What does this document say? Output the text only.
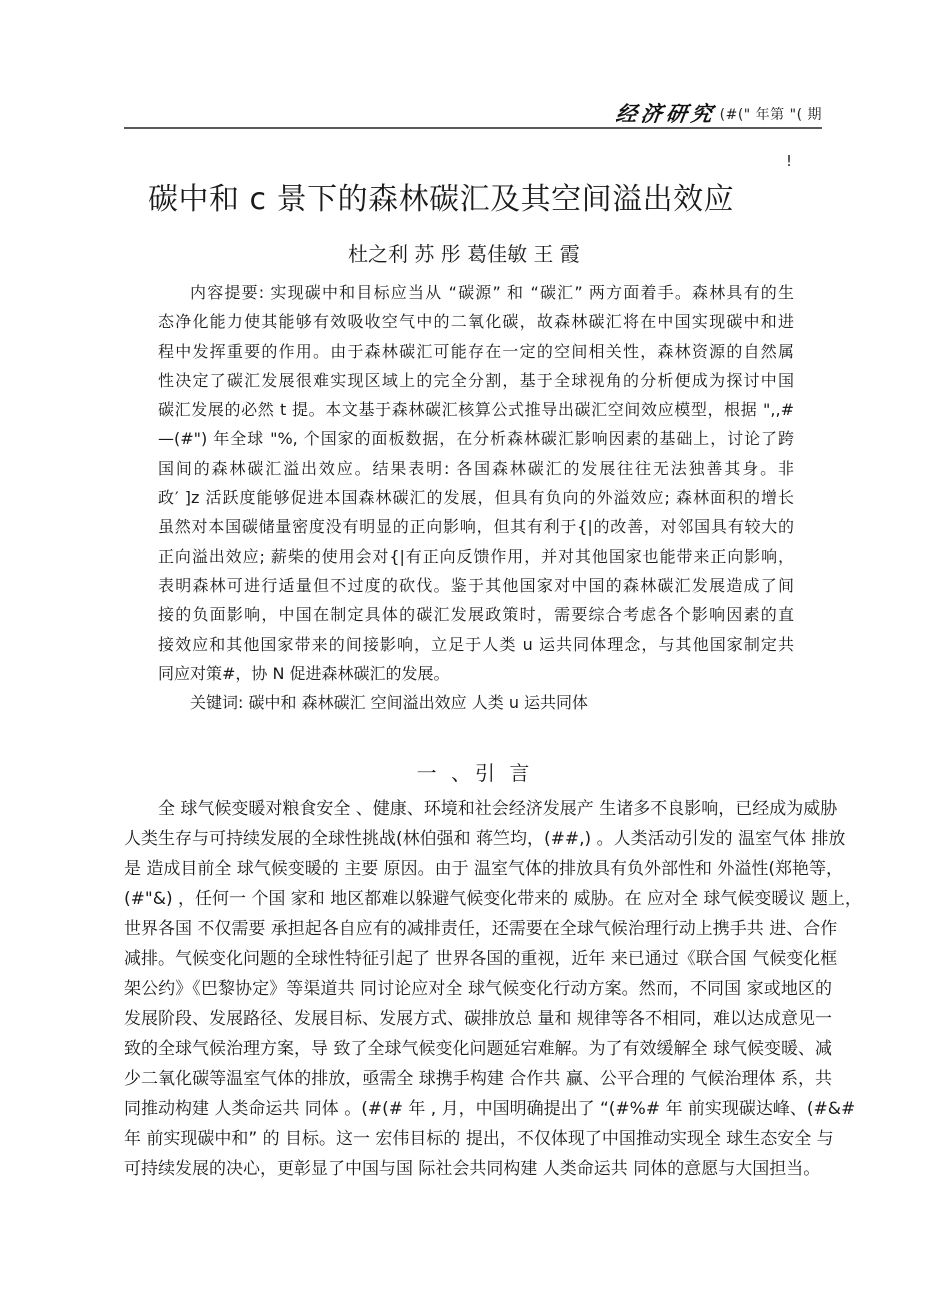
经济研究 (#(" 年第 "( 期
!
碳中和 c 景下的森林碳汇及其空间溢出效应
杜之利 苏 彤 葛佳敏 王 霞
内容提要: 实现碳中和目标应当从 “碳源” 和 “碳汇” 两方面着手。森林具有的生
态净化能力使其能够有效吸收空气中的二氧化碳，故森林碳汇将在中国实现碳中和进
程中发挥重要的作用。由于森林碳汇可能存在一定的空间相关性，森林资源的自然属
性决定了碳汇发展很难实现区域上的完全分割，基于全球视角的分析便成为探讨中国
碳汇发展的必然 t 提。本文基于森林碳汇核算公式推导出碳汇空间效应模型，根据 ",,#
—(#") 年全球 "%, 个国家的面板数据，在分析森林碳汇影响因素的基础上，讨论了跨
国间的森林碳汇溢出效应。结果表明: 各国森林碳汇的发展往往无法独善其身。非
政′ ]z 活跃度能够促进本国森林碳汇的发展，但具有负向的外溢效应; 森林面积的增长
虽然对本国碳储量密度没有明显的正向影响，但其有利于{|的改善，对邻国具有较大的
正向溢出效应; 薪柴的使用会对{|有正向反馈作用，并对其他国家也能带来正向影响，
表明森林可进行适量但不过度的砍伐。鉴于其他国家对中国的森林碳汇发展造成了间
接的负面影响，中国在制定具体的碳汇发展政策时，需要综合考虑各个影响因素的直
接效应和其他国家带来的间接影响，立足于人类 u 运共同体理念，与其他国家制定共
同应对策#，协 N 促进森林碳汇的发展。
关键词: 碳中和 森林碳汇 空间溢出效应 人类 u 运共同体
一 、引 言
全 球气候变暖对粮食安全 、健康、环境和社会经济发展产 生诸多不良影响，已经成为威胁
人类生存与可持续发展的全球性挑战(林伯强和 蒋竺均，(##,) 。人类活动引发的 温室气体 排放
是 造成目前全 球气候变暖的 主要 原因。由于 温室气体的排放具有负外部性和 外溢性(郑艳等，
(#"&) ，任何一 个国 家和 地区都难以躲避气候变化带来的 威胁。在 应对全 球气候变暖议 题上，
世界各国 不仅需要 承担起各自应有的减排责任，还需要在全球气候治理行动上携手共 进、合作
减排。气候变化问题的全球性特征引起了 世界各国的重视，近年 来已通过《联合国 气候变化框
架公约》《巴黎协定》等渠道共 同讨论应对全 球气候变化行动方案。然而，不同国 家或地区的
发展阶段、发展路径、发展目标、发展方式、碳排放总 量和 规律等各不相同，难以达成意见一
致的全球气候治理方案，导 致了全球气候变化问题延宕难解。为了有效缓解全 球气候变暖、减
少二氧化碳等温室气体的排放，亟需全 球携手构建 合作共 赢、公平合理的 气候治理体 系，共
同推动构建 人类命运共 同体 。(#(# 年 , 月，中国明确提出了 “(#%# 年 前实现碳达峰、(#&#
年 前实现碳中和” 的 目标。这一 宏伟目标的 提出，不仅体现了中国推动实现全 球生态安全 与
可持续发展的决心，更彰显了中国与国 际社会共同构建 人类命运共 同体的意愿与大国担当。
